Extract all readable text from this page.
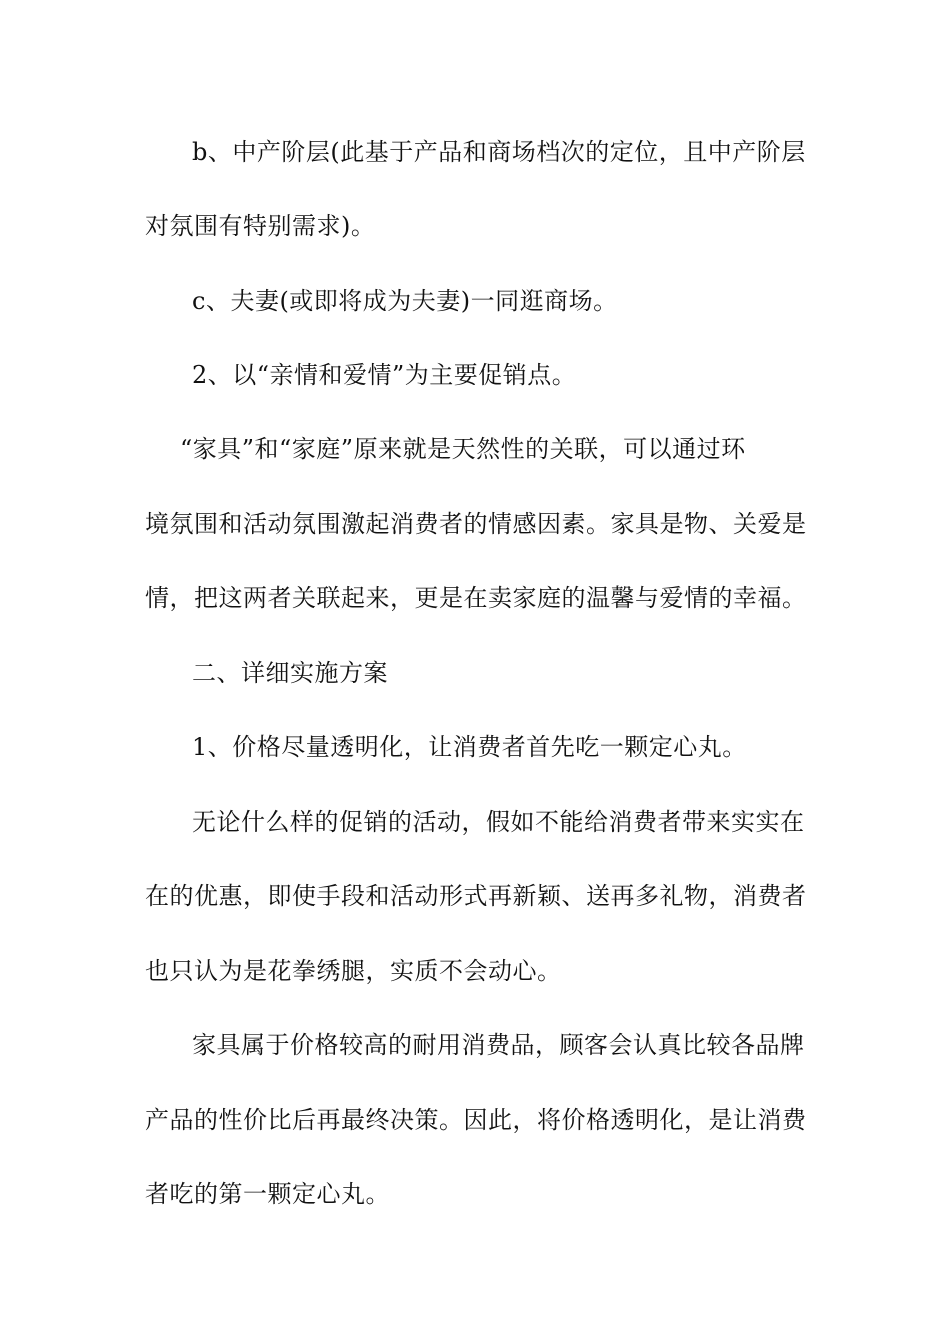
b、中产阶层(此基于产品和商场档次的定位，且中产阶层
对氛围有特别需求)。
c、夫妻(或即将成为夫妻)一同逛商场。
2、以“亲情和爱情”为主要促销点。
“家具”和“家庭”原来就是天然性的关联，可以通过环
境氛围和活动氛围激起消费者的情感因素。家具是物、关爱是
情，把这两者关联起来，更是在卖家庭的温馨与爱情的幸福。
二、详细实施方案
1、价格尽量透明化，让消费者首先吃一颗定心丸。
无论什么样的促销的活动，假如不能给消费者带来实实在
在的优惠，即使手段和活动形式再新颖、送再多礼物，消费者
也只认为是花拳绣腿，实质不会动心。
家具属于价格较高的耐用消费品，顾客会认真比较各品牌
产品的性价比后再最终决策。因此，将价格透明化，是让消费
者吃的第一颗定心丸。
